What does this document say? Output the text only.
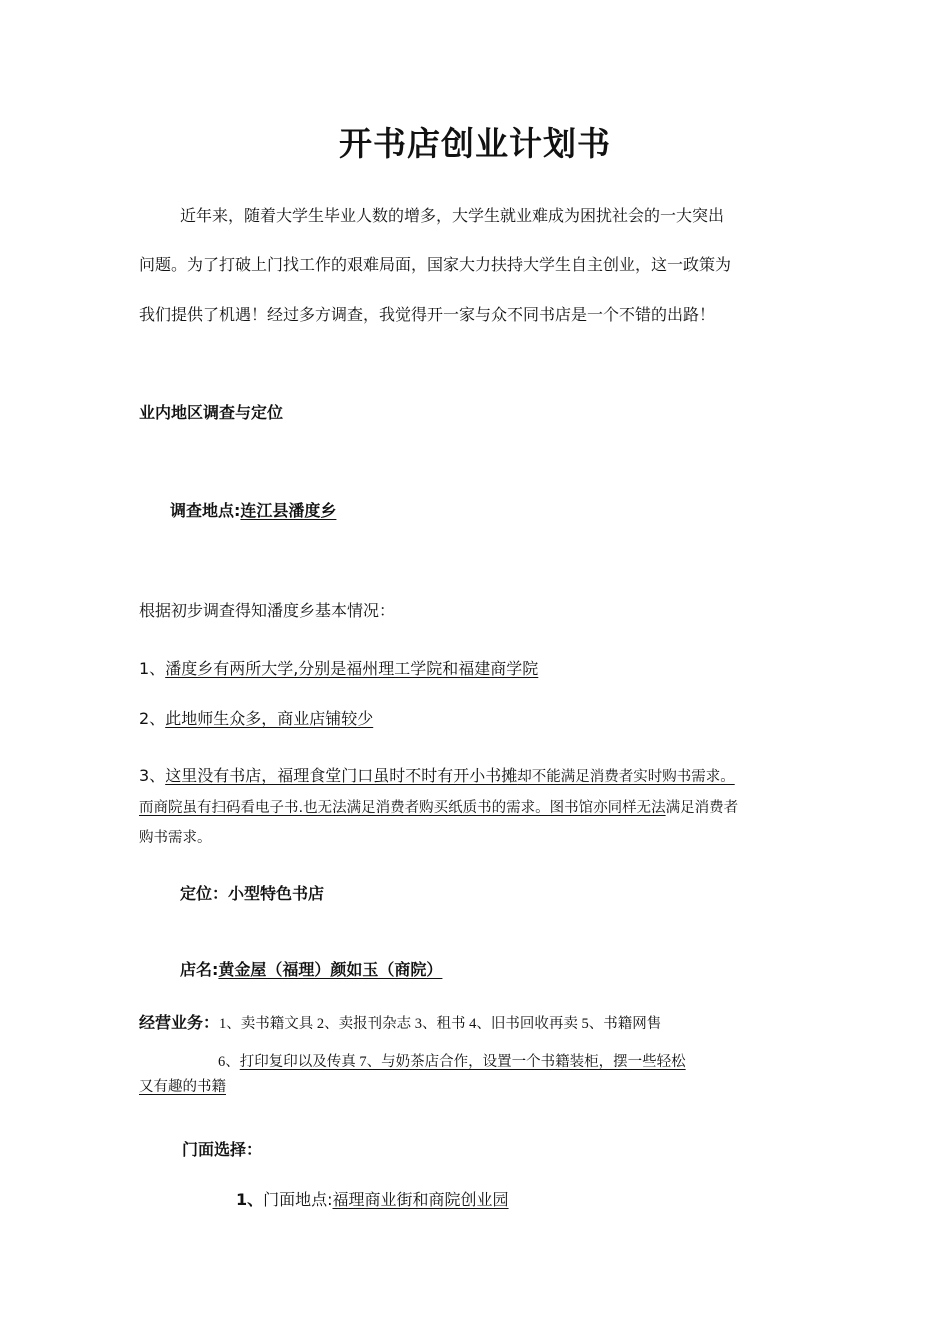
开书店创业计划书
近年来，随着大学生毕业人数的增多，大学生就业难成为困扰社会的一大突出
问题。为了打破上门找工作的艰难局面，国家大力扶持大学生自主创业，这一政策为
我们提供了机遇！经过多方调查，我觉得开一家与众不同书店是一个不错的出路！
业内地区调查与定位
调查地点:连江县潘度乡
根据初步调查得知潘度乡基本情况：
1、潘度乡有两所大学,分别是福州理工学院和福建商学院
2、此地师生众多，商业店铺较少
3、这里没有书店，福理食堂门口虽时不时有开小书摊却不能满足消费者实时购书需求。
而商院虽有扫码看电子书.也无法满足消费者购买纸质书的需求。图书馆亦同样无法满足消费者
购书需求。
定位：小型特色书店
店名:黄金屋（福理）颜如玉（商院）
经营业务：1、卖书籍文具 2、卖报刊杂志 3、租书 4、旧书回收再卖 5、书籍网售
6、打印复印以及传真 7、与奶茶店合作，设置一个书籍装柜，摆一些轻松
又有趣的书籍
门面选择：
1、门面地点:福理商业街和商院创业园
